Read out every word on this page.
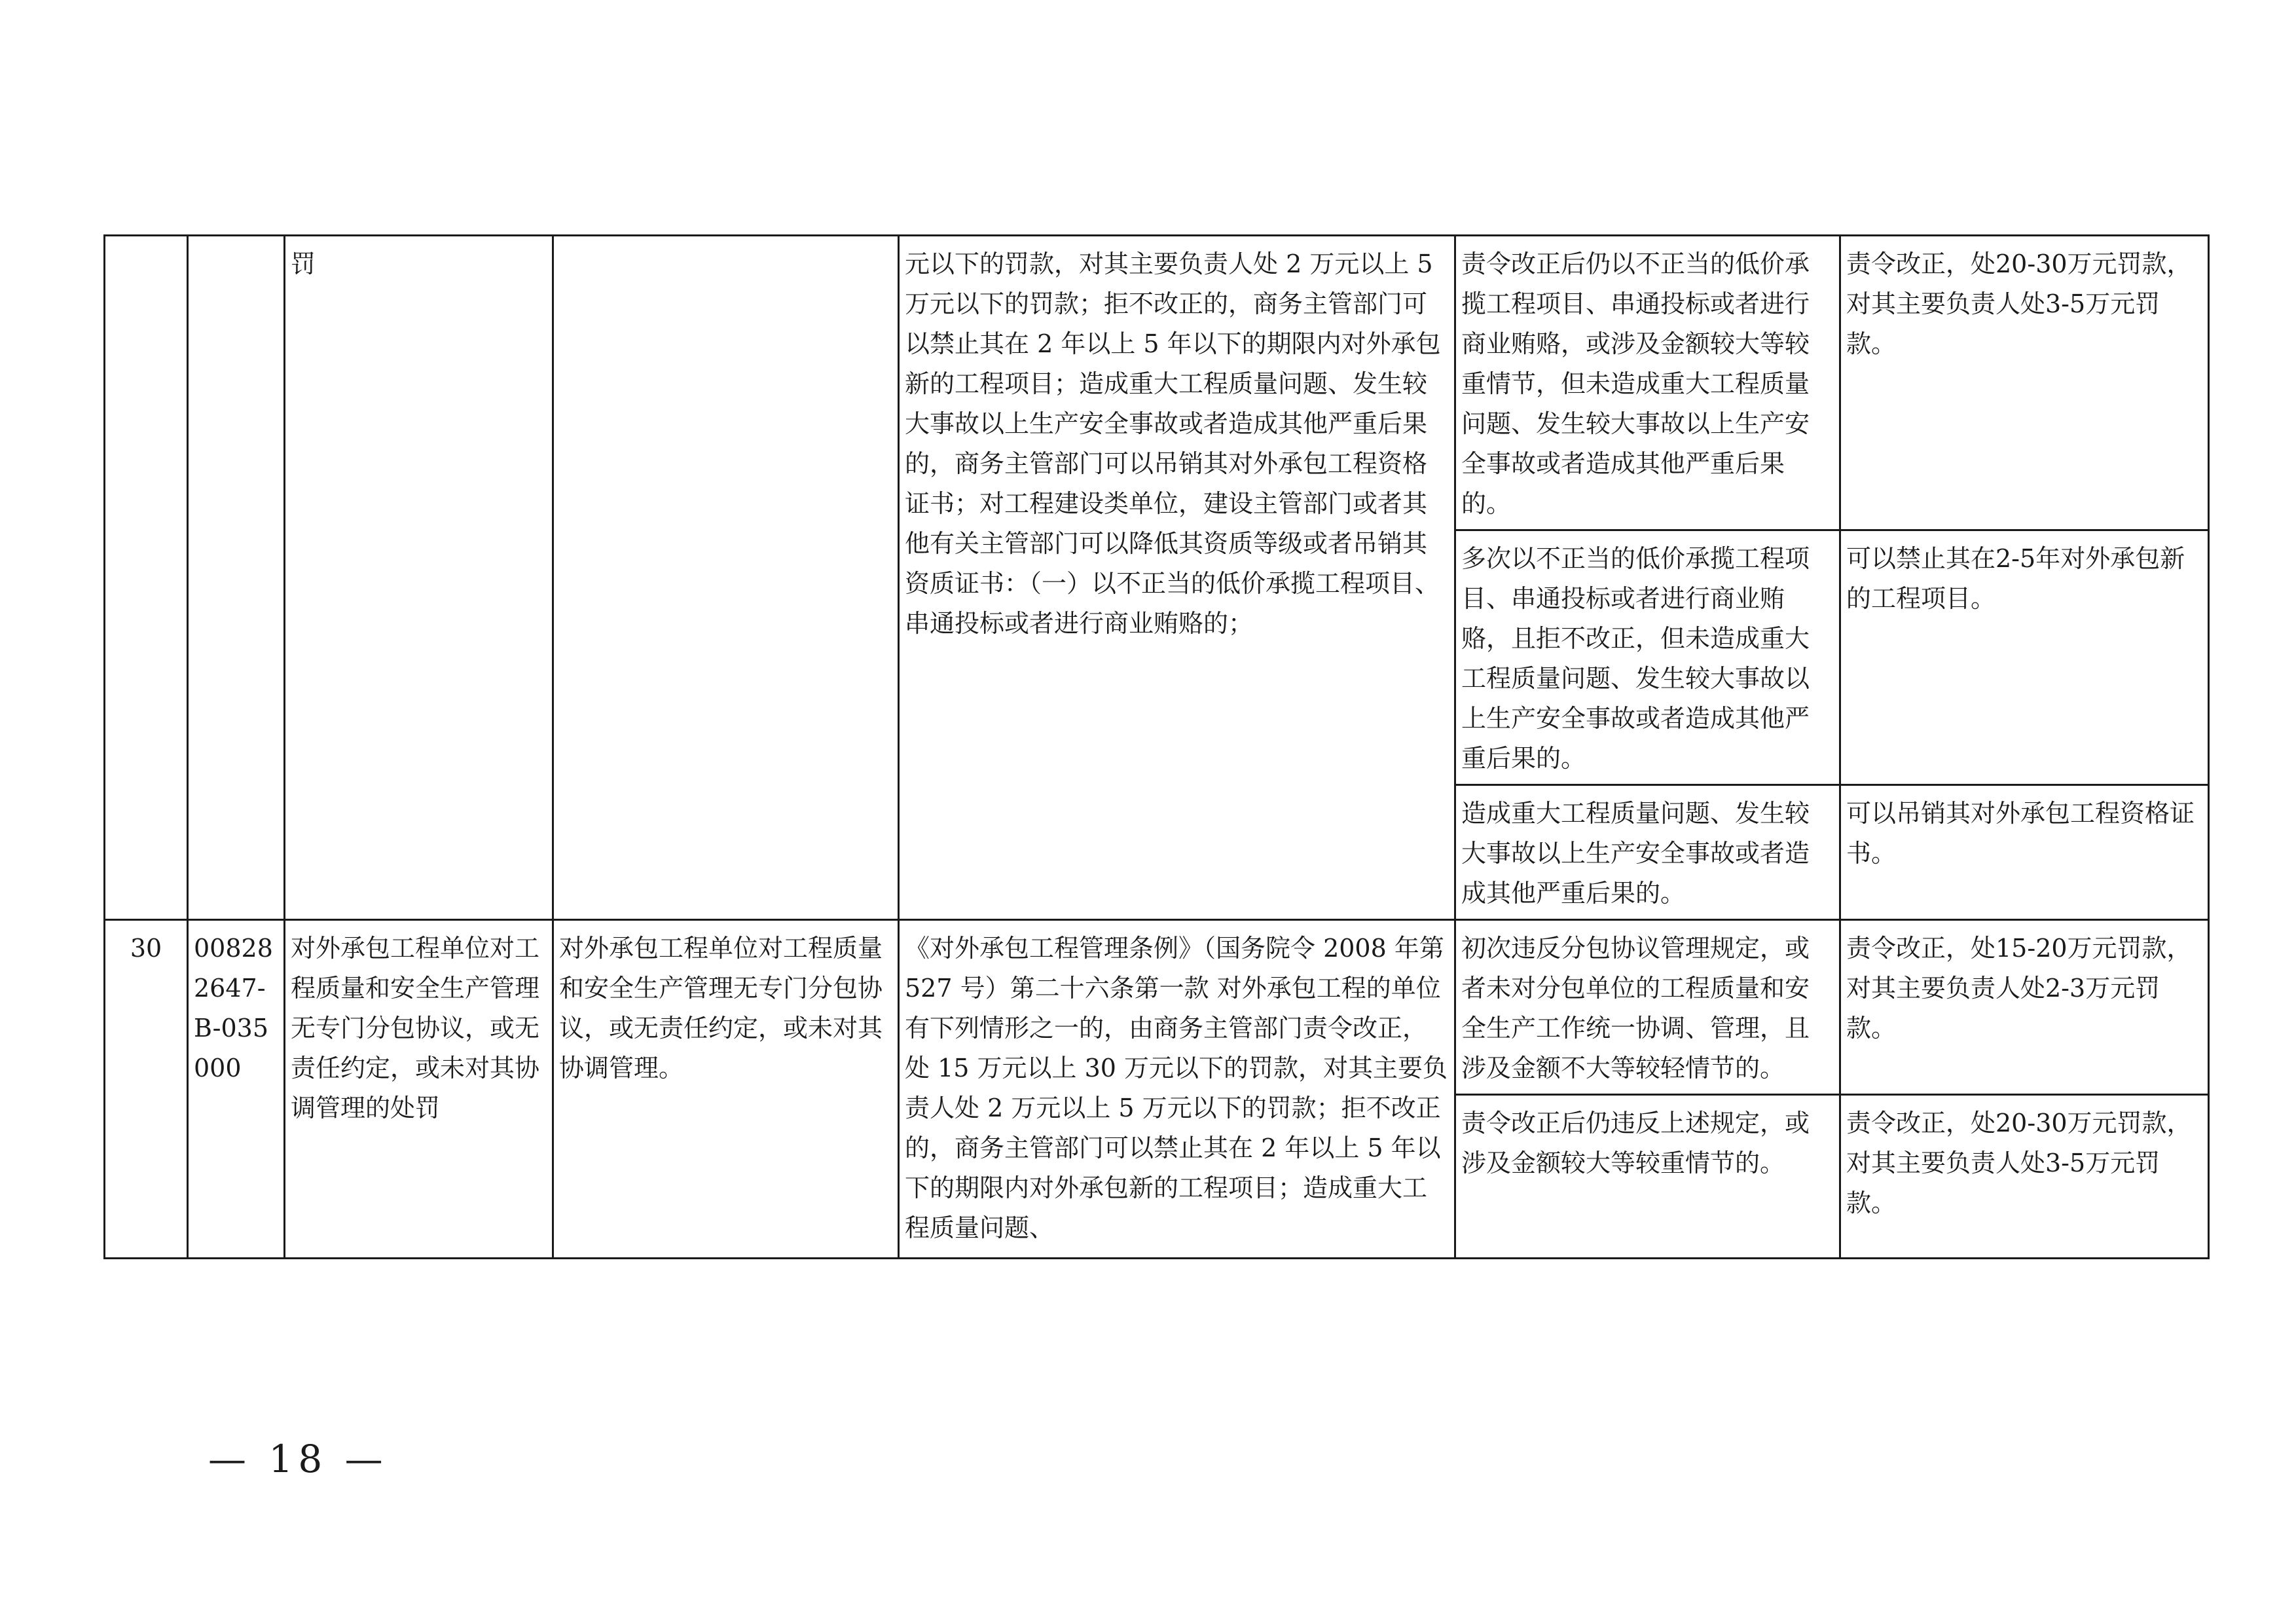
		罚		元以下的罚款，对其主要负责人处 2 万元以上 5 万元以下的罚款；拒不改正的，商务主管部门可以禁止其在 2 年以上 5 年以下的期限内对外承包新的工程项目；造成重大工程质量问题、发生较大事故以上生产安全事故或者造成其他严重后果的，商务主管部门可以吊销其对外承包工程资格证书；对工程建设类单位，建设主管部门或者其他有关主管部门可以降低其资质等级或者吊销其资质证书：（一）以不正当的低价承揽工程项目、串通投标或者进行商业贿赂的；	责令改正后仍以不正当的低价承揽工程项目、串通投标或者进行商业贿赂，或涉及金额较大等较重情节，但未造成重大工程质量问题、发生较大事故以上生产安全事故或者造成其他严重后果的。	责令改正，处20-30万元罚款，对其主要负责人处3-5万元罚款。
					多次以不正当的低价承揽工程项目、串通投标或者进行商业贿赂，且拒不改正，但未造成重大工程质量问题、发生较大事故以上生产安全事故或者造成其他严重后果的。	可以禁止其在2-5年对外承包新的工程项目。
					造成重大工程质量问题、发生较大事故以上生产安全事故或者造成其他严重后果的。	可以吊销其对外承包工程资格证书。
30	008282647-B-035000	对外承包工程单位对工程质量和安全生产管理无专门分包协议，或无责任约定，或未对其协调管理的处罚	对外承包工程单位对工程质量和安全生产管理无专门分包协议，或无责任约定，或未对其协调管理。	《对外承包工程管理条例》（国务院令 2008 年第 527 号）第二十六条第一款 对外承包工程的单位有下列情形之一的，由商务主管部门责令改正，处 15 万元以上 30 万元以下的罚款，对其主要负责人处 2 万元以上 5 万元以下的罚款；拒不改正的，商务主管部门可以禁止其在 2 年以上 5 年以下的期限内对外承包新的工程项目；造成重大工程质量问题、	初次违反分包协议管理规定，或者未对分包单位的工程质量和安全生产工作统一协调、管理，且涉及金额不大等较轻情节的。	责令改正，处15-20万元罚款，对其主要负责人处2-3万元罚款。
					责令改正后仍违反上述规定，或涉及金额较大等较重情节的。	责令改正，处20-30万元罚款，对其主要负责人处3-5万元罚款。
— 18 —
